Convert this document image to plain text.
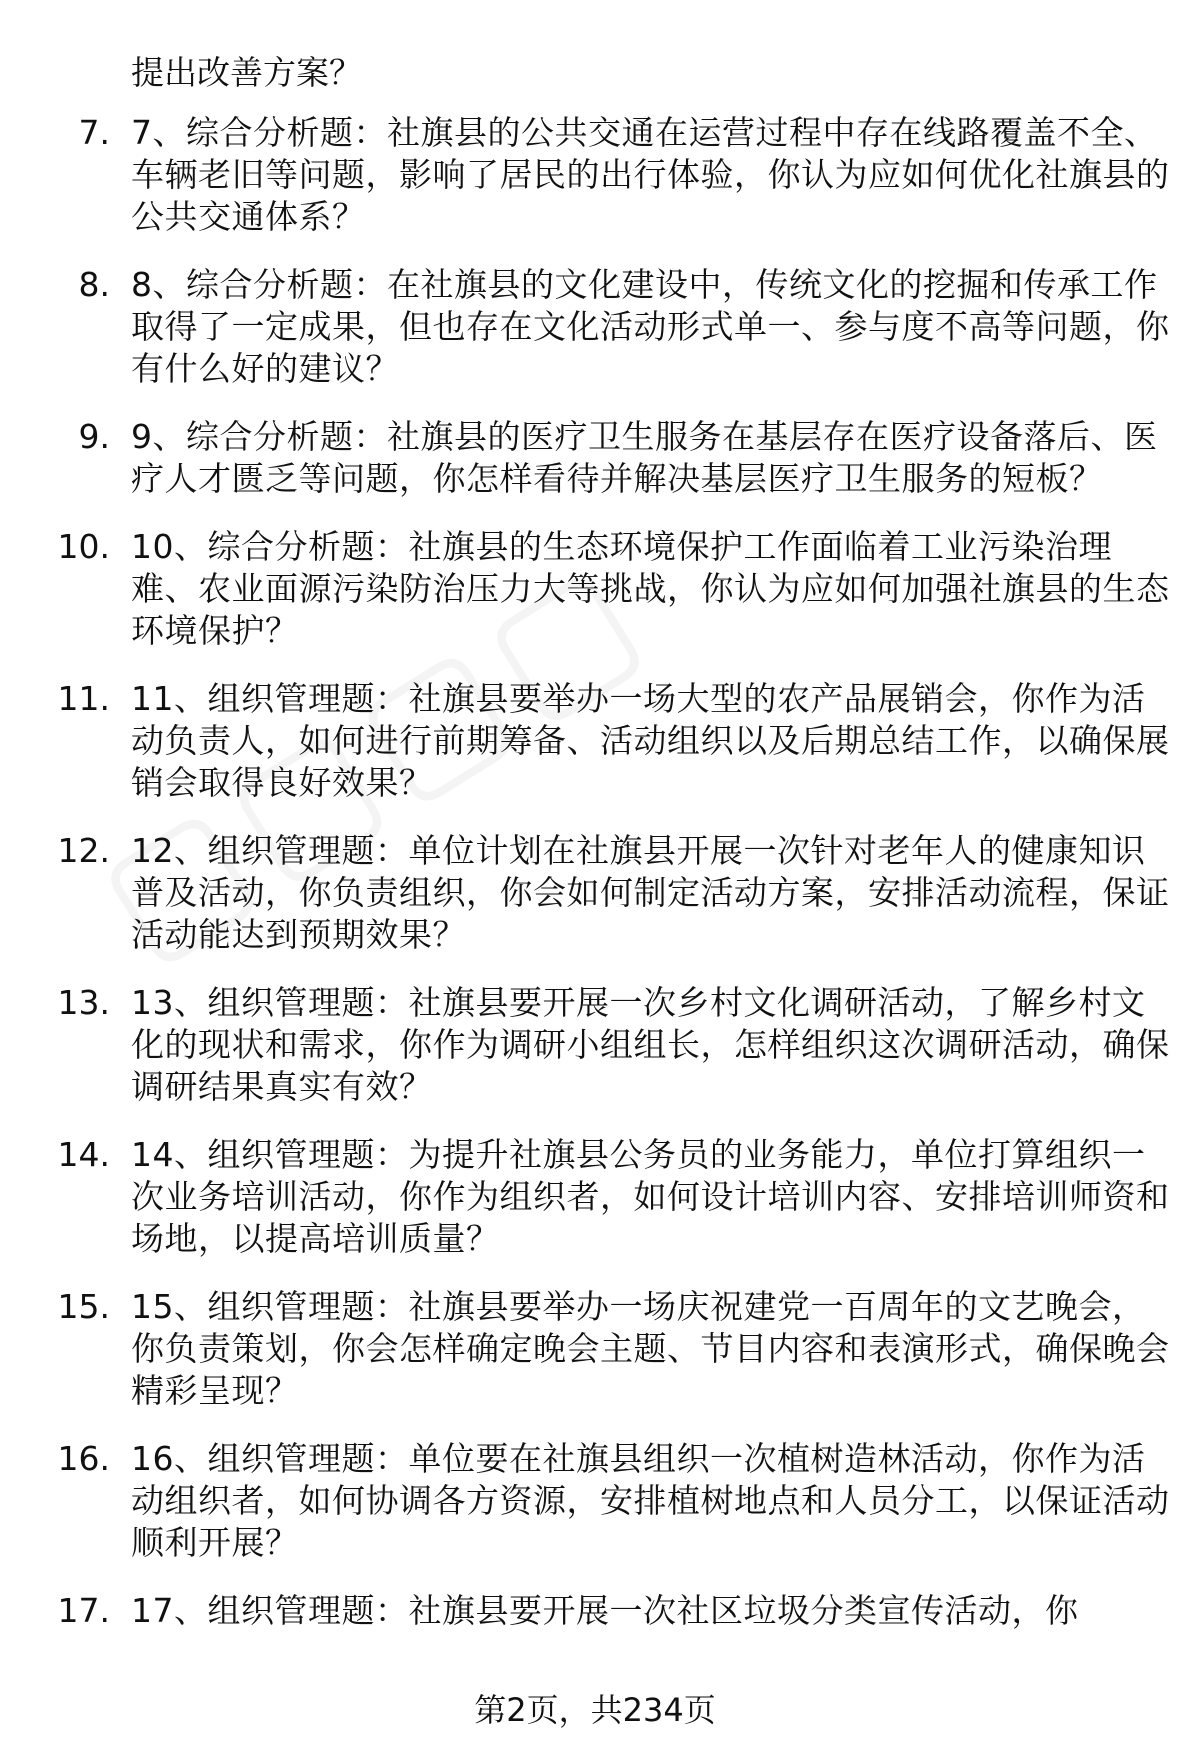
提出改善方案？
7. 7、综合分析题：社旗县的公共交通在运营过程中存在线路覆盖不全、车辆老旧等问题，影响了居民的出行体验，你认为应如何优化社旗县的公共交通体系？
8. 8、综合分析题：在社旗县的文化建设中，传统文化的挖掘和传承工作取得了一定成果，但也存在文化活动形式单一、参与度不高等问题，你有什么好的建议？
9. 9、综合分析题：社旗县的医疗卫生服务在基层存在医疗设备落后、医疗人才匮乏等问题，你怎样看待并解决基层医疗卫生服务的短板？
10. 10、综合分析题：社旗县的生态环境保护工作面临着工业污染治理难、农业面源污染防治压力大等挑战，你认为应如何加强社旗县的生态环境保护？
11. 11、组织管理题：社旗县要举办一场大型的农产品展销会，你作为活动负责人，如何进行前期筹备、活动组织以及后期总结工作，以确保展销会取得良好效果？
12. 12、组织管理题：单位计划在社旗县开展一次针对老年人的健康知识普及活动，你负责组织，你会如何制定活动方案，安排活动流程，保证活动能达到预期效果？
13. 13、组织管理题：社旗县要开展一次乡村文化调研活动，了解乡村文化的现状和需求，你作为调研小组组长，怎样组织这次调研活动，确保调研结果真实有效？
14. 14、组织管理题：为提升社旗县公务员的业务能力，单位打算组织一次业务培训活动，你作为组织者，如何设计培训内容、安排培训师资和场地，以提高培训质量？
15. 15、组织管理题：社旗县要举办一场庆祝建党一百周年的文艺晚会，你负责策划，你会怎样确定晚会主题、节目内容和表演形式，确保晚会精彩呈现？
16. 16、组织管理题：单位要在社旗县组织一次植树造林活动，你作为活动组织者，如何协调各方资源，安排植树地点和人员分工，以保证活动顺利开展？
17. 17、组织管理题：社旗县要开展一次社区垃圾分类宣传活动，你
第2页，共234页
